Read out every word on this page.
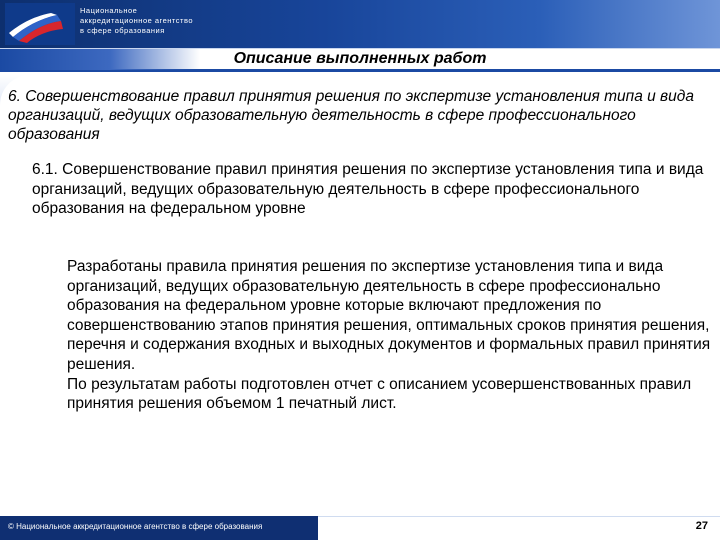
Национальное
аккредитационное агентство
в сфере образования
Описание выполненных работ
6. Совершенствование правил принятия решения по экспертизе установления типа и вида организаций, ведущих образовательную деятельность в сфере профессионального образования
6.1. Совершенствование правил принятия решения по экспертизе установления типа и вида организаций, ведущих образовательную деятельность в сфере профессионального образования на федеральном уровне

Разработаны правила принятия решения по экспертизе установления типа и вида организаций, ведущих образовательную деятельность в сфере профессионально образования на федеральном уровне которые включают предложения по совершенствованию этапов принятия решения, оптимальных сроков принятия решения, перечня и содержания входных и выходных документов и формальных правил принятия решения.

По результатам работы подготовлен отчет с описанием усовершенствованных правил принятия решения объемом 1 печатный лист.

© Национальное аккредитационное агентство в сфере образования	27
